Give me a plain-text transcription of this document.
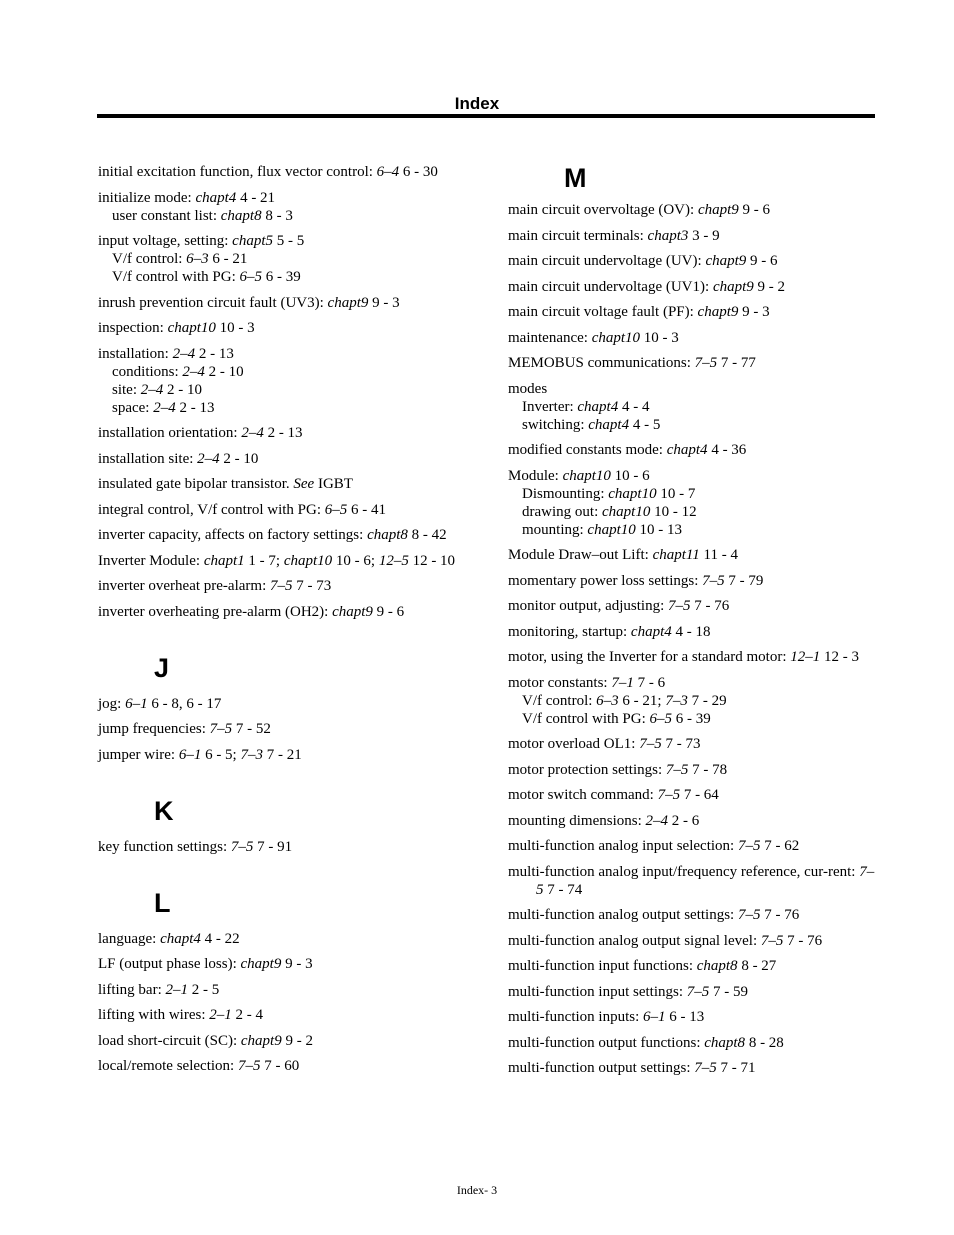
Index
initial excitation function, flux vector control: 6–4 6 - 30
initialize mode: chapt4 4 - 21
user constant list: chapt8 8 - 3
input voltage, setting: chapt5 5 - 5
V/f control: 6–3 6 - 21
V/f control with PG: 6–5 6 - 39
inrush prevention circuit fault (UV3): chapt9 9 - 3
inspection: chapt10 10 - 3
installation: 2–4 2 - 13
conditions: 2–4 2 - 10
site: 2–4 2 - 10
space: 2–4 2 - 13
installation orientation: 2–4 2 - 13
installation site: 2–4 2 - 10
insulated gate bipolar transistor. See IGBT
integral control, V/f control with PG: 6–5 6 - 41
inverter capacity, affects on factory settings: chapt8 8 - 42
Inverter Module: chapt1 1 - 7; chapt10 10 - 6; 12–5 12 - 10
inverter overheat pre-alarm: 7–5 7 - 73
inverter overheating pre-alarm (OH2): chapt9 9 - 6
J
jog: 6–1 6 - 8, 6 - 17
jump frequencies: 7–5 7 - 52
jumper wire: 6–1 6 - 5; 7–3 7 - 21
K
key function settings: 7–5 7 - 91
L
language: chapt4 4 - 22
LF (output phase loss): chapt9 9 - 3
lifting bar: 2–1 2 - 5
lifting with wires: 2–1 2 - 4
load short-circuit (SC): chapt9 9 - 2
local/remote selection: 7–5 7 - 60
M
main circuit overvoltage (OV): chapt9 9 - 6
main circuit terminals: chapt3 3 - 9
main circuit undervoltage (UV): chapt9 9 - 6
main circuit undervoltage (UV1): chapt9 9 - 2
main circuit voltage fault (PF): chapt9 9 - 3
maintenance: chapt10 10 - 3
MEMOBUS communications: 7–5 7 - 77
modes
Inverter: chapt4 4 - 4
switching: chapt4 4 - 5
modified constants mode: chapt4 4 - 36
Module: chapt10 10 - 6
Dismounting: chapt10 10 - 7
drawing out: chapt10 10 - 12
mounting: chapt10 10 - 13
Module Draw–out Lift: chapt11 11 - 4
momentary power loss settings: 7–5 7 - 79
monitor output, adjusting: 7–5 7 - 76
monitoring, startup: chapt4 4 - 18
motor, using the Inverter for a standard motor: 12–1 12 - 3
motor constants: 7–1 7 - 6
V/f control: 6–3 6 - 21; 7–3 7 - 29
V/f control with PG: 6–5 6 - 39
motor overload OL1: 7–5 7 - 73
motor protection settings: 7–5 7 - 78
motor switch command: 7–5 7 - 64
mounting dimensions: 2–4 2 - 6
multi-function analog input selection: 7–5 7 - 62
multi-function analog input/frequency reference, cur-rent: 7–5 7 - 74
multi-function analog output settings: 7–5 7 - 76
multi-function analog output signal level: 7–5 7 - 76
multi-function input functions: chapt8 8 - 27
multi-function input settings: 7–5 7 - 59
multi-function inputs: 6–1 6 - 13
multi-function output functions: chapt8 8 - 28
multi-function output settings: 7–5 7 - 71
Index- 3
